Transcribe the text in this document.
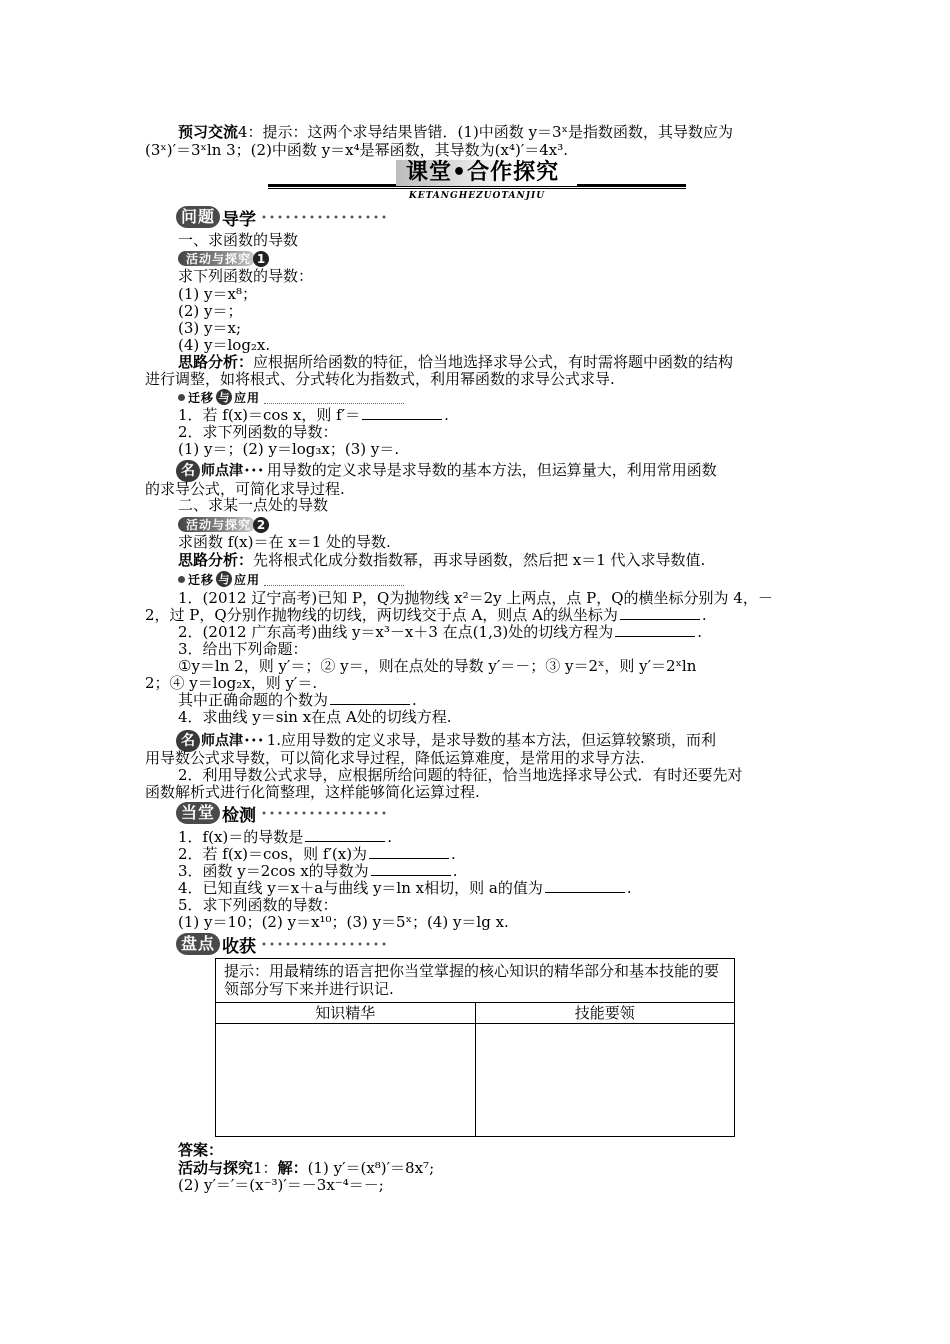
预习交流4：提示：这两个求导结果皆错．(1)中函数 y＝3ˣ是指数函数，其导数应为
(3ˣ)′＝3ˣln 3；(2)中函数 y＝x⁴是幂函数，其导数为(x⁴)′＝4x³.
课堂•合作探究
KETANGHEZUOTANJIU
问题 导学
一、求函数的导数
活动与探究 1
求下列函数的导数：
(1) y＝x⁸；
(2) y＝；
(3) y＝x;
(4) y＝log₂x.
思路分析：应根据所给函数的特征，恰当地选择求导公式，有时需将题中函数的结构
进行调整，如将根式、分式转化为指数式，利用幂函数的求导公式求导.
迁移 与 应用
1．若 f(x)＝cos x，则 f′＝	.
2．求下列函数的导数：
(1) y＝；(2) y＝log₃x；(3) y＝.
名 师点津 ••• 用导数的定义求导是求导数的基本方法，但运算量大，利用常用函数
的求导公式，可简化求导过程.
二、求某一点处的导数
活动与探究 2
求函数 f(x)＝在 x＝1 处的导数.
思路分析：先将根式化成分数指数幂，再求导函数，然后把 x＝1 代入求导数值.
迁移 与 应用
1．(2012 辽宁高考)已知 P，Q为抛物线 x²＝2y 上两点，点 P，Q的横坐标分别为 4，－
2，过 P，Q分别作抛物线的切线，两切线交于点 A，则点 A的纵坐标为	.
2．(2012 广东高考)曲线 y＝x³－x＋3 在点(1,3)处的切线方程为	.
3．给出下列命题：
①y＝ln 2，则 y′＝；② y＝，则在点处的导数 y′＝－；③ y＝2ˣ，则 y′＝2ˣln
2；④ y＝log₂x，则 y′＝.
其中正确命题的个数为	.
4．求曲线 y＝sin x在点 A处的切线方程.
名 师点津 ••• 1.应用导数的定义求导，是求导数的基本方法，但运算较繁琐，而利
用导数公式求导数，可以简化求导过程，降低运算难度，是常用的求导方法.
2．利用导数公式求导，应根据所给问题的特征，恰当地选择求导公式．有时还要先对
函数解析式进行化简整理，这样能够简化运算过程.
当堂 检测
1．f(x)＝的导数是	.
2．若 f(x)＝cos，则 f′(x)为	.
3．函数 y＝2cos x的导数为	.
4．已知直线 y＝x＋a与曲线 y＝ln x相切，则 a的值为	.
5．求下列函数的导数：
(1) y＝10；(2) y＝x¹⁰；(3) y＝5ˣ；(4) y＝lg x.
盘点 收获
提示：用最精练的语言把你当堂掌握的核心知识的精华部分和基本技能的要领部分写下来并进行识记.	
知识精华	技能要领

答案：
活动与探究1：解：(1) y′＝(x⁸)′＝8x⁷;
(2) y′＝′＝(x⁻³)′＝－3x⁻⁴＝－;
